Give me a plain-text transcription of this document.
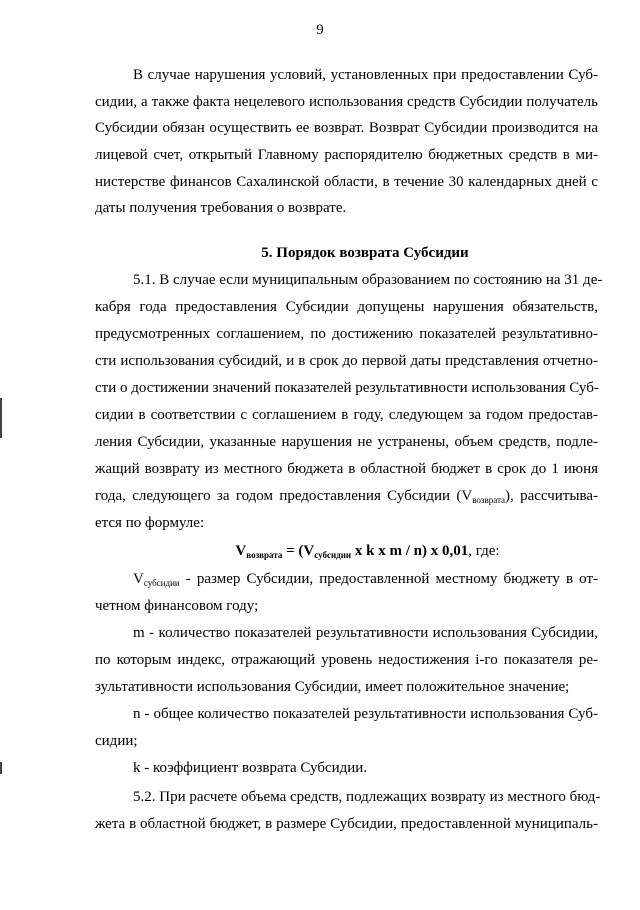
9
В случае нарушения условий, установленных при предоставлении Суб-
сидии, а также факта нецелевого использования средств Субсидии получатель
Субсидии обязан осуществить ее возврат. Возврат Субсидии производится на
лицевой счет, открытый Главному распорядителю бюджетных средств в ми-
нистерстве финансов Сахалинской области, в течение 30 календарных дней с
даты получения требования о возврате.
5. Порядок возврата Субсидии
5.1. В случае если муниципальным образованием по состоянию на 31 де-
кабря года предоставления Субсидии допущены нарушения обязательств,
предусмотренных соглашением, по достижению показателей результативно-
сти использования субсидий, и в срок до первой даты представления отчетно-
сти о достижении значений показателей результативности использования Суб-
сидии в соответствии с соглашением в году, следующем за годом предостав-
ления Субсидии, указанные нарушения не устранены, объем средств, подле-
жащий возврату из местного бюджета в областной бюджет в срок до 1 июня
года, следующего за годом предоставления Субсидии $(V_{возврата})$, рассчитыва-
ется по формуле:
$V_{возврата} = (V_{субсидии}$ x k x m / n) x 0,01, где:
$V_{субсидии}$ - размер Субсидии, предоставленной местному бюджету в от-
четном финансовом году;
m - количество показателей результативности использования Субсидии,
по которым индекс, отражающий уровень недостижения i-го показателя ре-
зультативности использования Субсидии, имеет положительное значение;
n - общее количество показателей результативности использования Суб-
сидии;
k - коэффициент возврата Субсидии.
5.2. При расчете объема средств, подлежащих возврату из местного бюд-
жета в областной бюджет, в размере Субсидии, предоставленной муниципаль-
